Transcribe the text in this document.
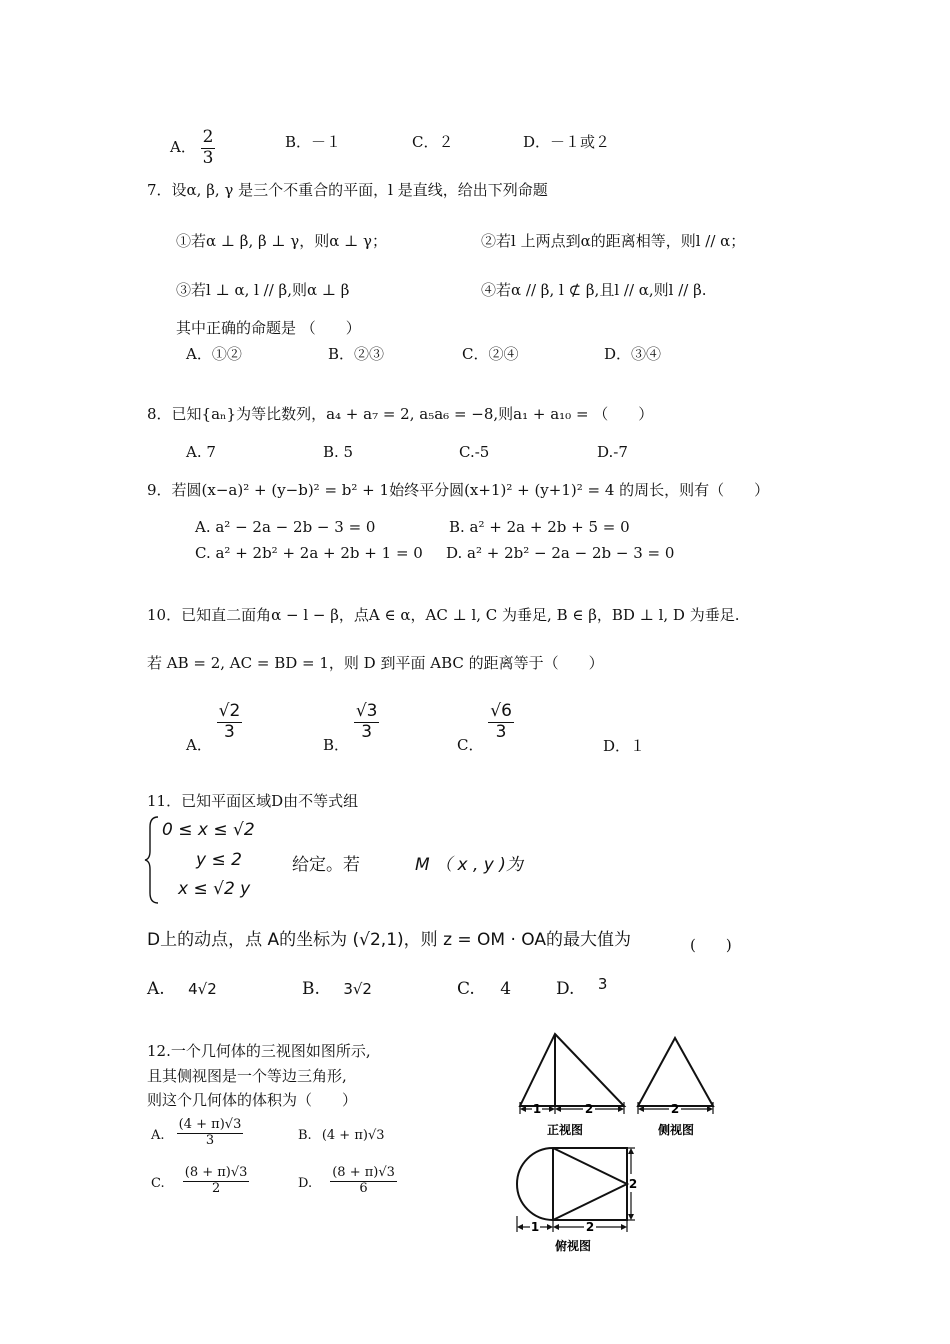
A． $\frac{2}{3}$	B．－１	C．２	D．－１或２
7．设α, β, γ 是三个不重合的平面，l 是直线，给出下列命题
①若α ⊥ β, β ⊥ γ，则α ⊥ γ；	②若l 上两点到α的距离相等，则l // α；
③若l ⊥ α, l // β,则α ⊥ β	④若α // β, l ⊄ β,且l // α,则l // β.
其中正确的命题是 （　　）
A．①②	B．②③	C．②④	D．③④
8．已知{aₙ}为等比数列，a₄ + a₇ = 2, a₅a₆ = −8,则a₁ + a₁₀ = （　　）
A. 7	B. 5	C.-5	D.-7
9．若圆(x−a)² + (y−b)² = b² + 1始终平分圆(x+1)² + (y+1)² = 4 的周长，则有（　　）
A. a² − 2a − 2b − 3 = 0	B. a² + 2a + 2b + 5 = 0
C. a² + 2b² + 2a + 2b + 1 = 0 D. a² + 2b² − 2a − 2b − 3 = 0
10．已知直二面角α − l − β，点A ∈ α，AC ⊥ l, C 为垂足, B ∈ β，BD ⊥ l, D 为垂足.
若 AB = 2, AC = BD = 1，则 D 到平面 ABC 的距离等于（　　）
A．
$\frac{√2}{3}$
B．
$\frac{√3}{3}$
C．
$\frac{√6}{3}$
D．１
11．已知平面区域D由不等式组
0 ≤ x ≤ √2
y ≤ 2	给定。若	M （ x , y )为
x ≤ √2 y
D上的动点，点 A的坐标为 (√2,1)，则 z = OM · OA的最大值为	(　　)
A. 4√2	B. 3√2	C. 4	D. 3
12.一个几何体的三视图如图所示,
且其侧视图是一个等边三角形,
则这个几何体的体积为（　　）
A. $\frac{(4 + \pi)√3}{3}$	B. (4 + π)√3
C. $\frac{(8 + \pi)√3}{2}$	D. $\frac{(8 + \pi)√3}{6}$
1	2	2
2
1	2
正视图	侧视图
俯视图
